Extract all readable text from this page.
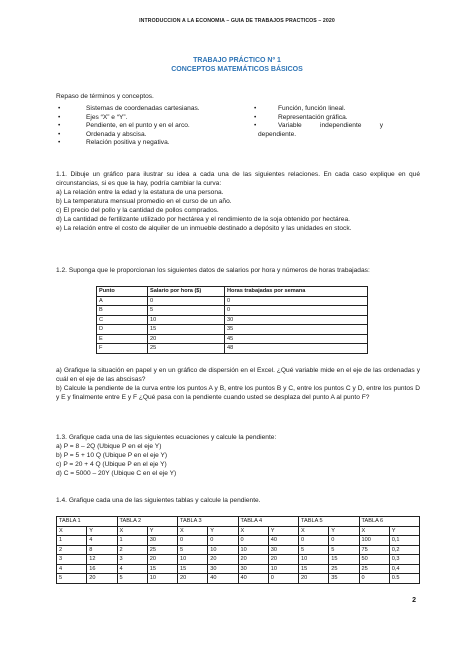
INTRODUCCION A LA ECONOMIA – GUIA DE TRABAJOS PRACTICOS – 2020
TRABAJO PRÁCTICO Nº 1
CONCEPTOS MATEMÁTICOS BÁSICOS
Repaso de términos y conceptos.
•	Sistemas de coordenadas cartesianas.
•	Ejes “X” e “Y”.
•	Pendiente, en el punto y en el arco.
•	Ordenada y abscisa.
•	Relación positiva y negativa.
•	Función, función lineal.
•	Representación gráfica.
•	Variable          independiente          y
dependiente.
1.1. Dibuje un gráfico para ilustrar su idea a cada una de las siguientes relaciones. En cada caso explique en qué circunstancias, si es que la hay, podría cambiar la curva:
a) La relación entre la edad y la estatura de una persona.
b) La temperatura mensual promedio en el curso de un año.
c) El precio del pollo y la cantidad de pollos comprados.
d) La cantidad de fertilizante utilizado por hectárea y el rendimiento de la soja obtenido por hectárea.
e) La relación entre el costo de alquiler de un inmueble destinado a depósito y las unidades en stock.
1.2. Suponga que le proporcionan los siguientes datos de salarios por hora y números de horas trabajadas:
Punto	Salario por hora ($)	Horas trabajadas por semana
A	0	0
B	5	0
C	10	30
D	15	35
E	20	45
F	25	48
a) Grafique la situación en papel y en un gráfico de dispersión en el Excel. ¿Qué variable mide en el eje de las ordenadas y cuál en el eje de las abscisas?
b) Calcule la pendiente de la curva entre los puntos A y B, entre los puntos B y C, entre los puntos C y D, entre los puntos D y E y finalmente entre E y F ¿Qué pasa con la pendiente cuando usted se desplaza del punto A al punto F?
1.3. Grafique cada una de las siguientes ecuaciones y calcule la pendiente:
a) P = 8 – 2Q (Ubique P en el eje Y)
b) P = 5 + 10 Q (Ubique P en el eje Y)
c) P = 20 + 4 Q (Ubique P en el eje Y)
d) C = 5000 – 20Y (Ubique C en el eje Y)
1.4. Grafique cada una de las siguientes tablas y calcule la pendiente.
TABLA 1		TABLA 2		TABLA 3		TABLA 4		TABLA 5		TABLA 6	
X	Y	X	Y	X	Y	X	Y	X	Y	X	Y
1	4	1	30	0	0	0	40	0	0	100	0,1
2	8	2	25	5	10	10	30	5	5	75	0,2
3	12	3	20	10	20	20	20	10	15	50	0,3
4	16	4	15	15	30	30	10	15	25	25	0,4
5	20	5	10	20	40	40	0	20	35	0	0.5
2
